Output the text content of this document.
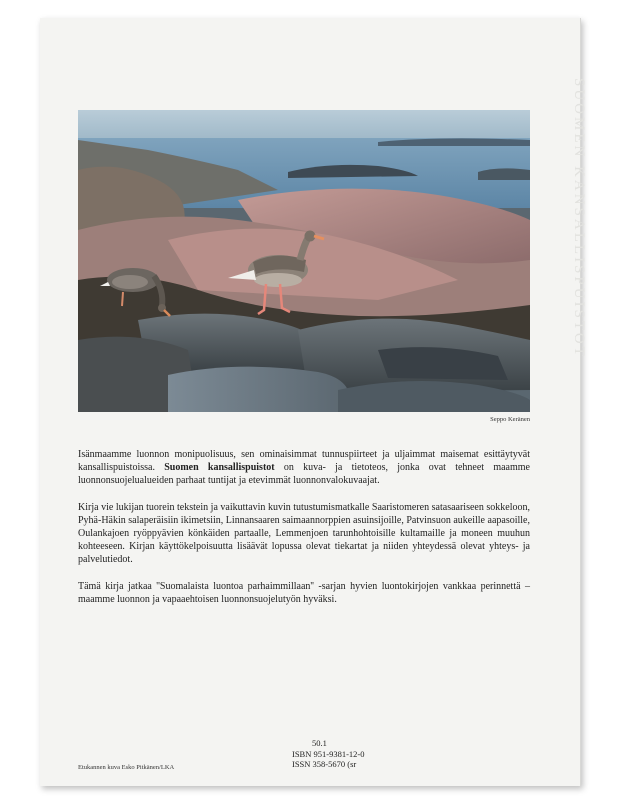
SUOMEN KANSALLISPUISTOT
Seppo Keränen

Isänmaamme luonnon monipuolisuus, sen ominaisimmat tunnuspiirteet ja uljaimmat maisemat esittäytyvät kansallispuistoissa. Suomen kansallispuistot on kuva- ja tietoteos, jonka ovat tehneet maamme luonnonsuojelualueiden parhaat tuntijat ja etevimmät luonnonvalokuvaajat.

Kirja vie lukijan tuorein tekstein ja vaikuttavin kuvin tutustumismatkalle Saaristomeren satasaariseen sokkeloon, Pyhä-Häkin salaperäisiin ikimetsiin, Linnansaaren saimaannorppien asuinsijoille, Patvinsuon aukeille aapasoille, Oulankajoen ryöppyävien könkäiden partaalle, Lemmenjoen tarunhohtoisille kultamaille ja moneen muuhun kohteeseen. Kirjan käyttökelpoisuutta lisäävät lopussa olevat tiekartat ja niiden yhteydessä olevat yhteys- ja palvelutiedot.

Tämä kirja jatkaa ''Suomalaista luontoa parhaimmillaan'' -sarjan hyvien luontokirjojen vankkaa perinnettä – maamme luonnon ja vapaaehtoisen luonnonsuojelutyön hyväksi.

50.1
ISBN 951-9381-12-0
ISSN 358-5670 (sr
Etukannen kuva Esko Pitkänen/LKA
